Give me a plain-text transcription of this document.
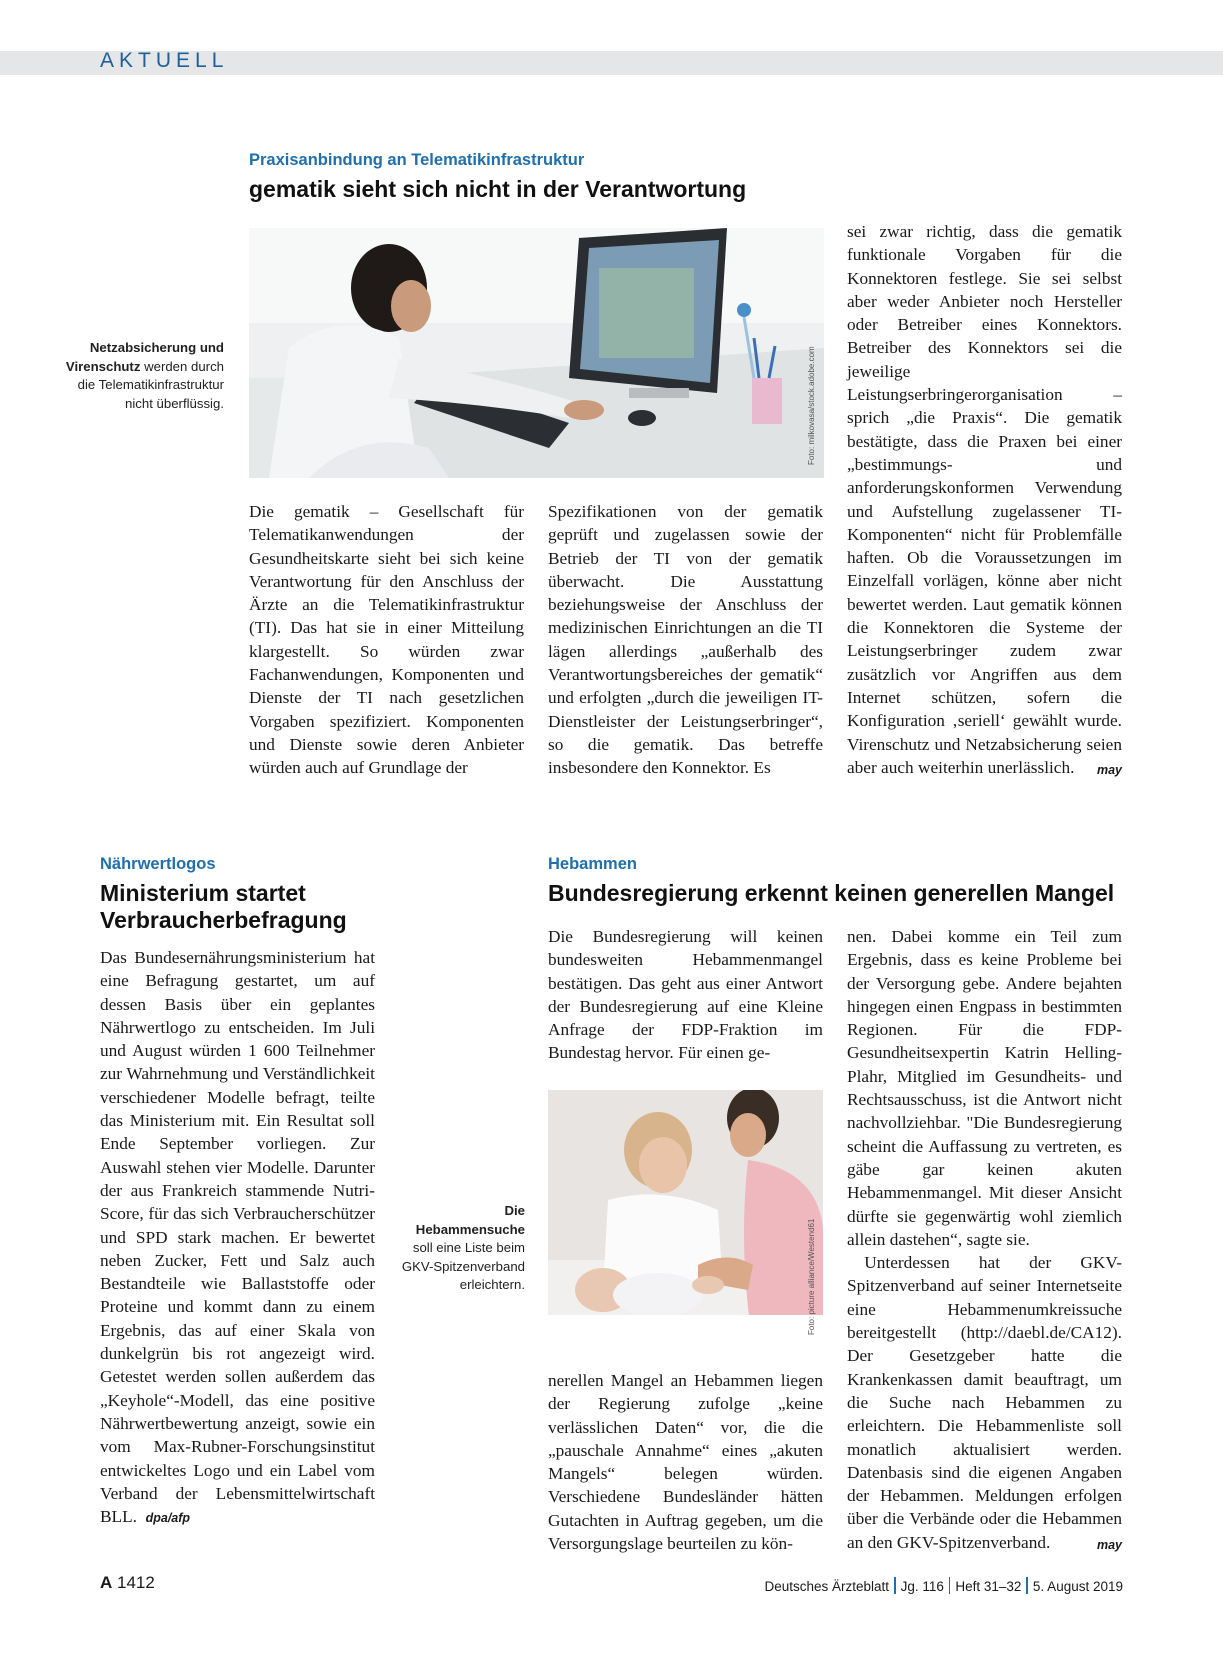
AKTUELL
Praxisanbindung an Telematikinfrastruktur
gematik sieht sich nicht in der Verantwortung
Netzabsicherung und Virenschutz werden durch die Telematikinfrastruktur nicht überflüssig.	Foto: milkovasa/stock.adobe.com

Die gematik – Gesellschaft für Telematikanwendungen der Gesundheitskarte sieht bei sich keine Verantwortung für den Anschluss der Ärzte an die Telematikinfrastruktur (TI). Das hat sie in einer Mitteilung klargestellt. So würden zwar Fachanwendungen, Komponenten und Dienste der TI nach gesetzlichen Vorgaben spezifiziert. Komponenten und Dienste sowie deren Anbieter würden auch auf Grundlage der

Spezifikationen von der gematik geprüft und zugelassen sowie der Betrieb der TI von der gematik überwacht. Die Ausstattung beziehungsweise der Anschluss der medizinischen Einrichtungen an die TI lägen allerdings „außerhalb des Verantwortungsbereiches der gematik“ und erfolgten „durch die jeweiligen IT-Dienstleister der Leistungserbringer“, so die gematik. Das betreffe insbesondere den Konnektor. Es

sei zwar richtig, dass die gematik funktionale Vorgaben für die Konnektoren festlege. Sie sei selbst aber weder Anbieter noch Hersteller oder Betreiber eines Konnektors. Betreiber des Konnektors sei die jeweilige Leistungserbringerorganisation – sprich „die Praxis“. Die gematik bestätigte, dass die Praxen bei einer „bestimmungs- und anforderungskonformen Verwendung und Aufstellung zugelassener TI-Komponenten“ nicht für Problemfälle haften. Ob die Voraussetzungen im Einzelfall vorlägen, könne aber nicht bewertet werden. Laut gematik können die Konnektoren die Systeme der Leistungserbringer zudem zwar zusätzlich vor Angriffen aus dem Internet schützen, sofern die Konfiguration ‚seriell‘ gewählt wurde. Virenschutz und Netzabsicherung seien aber auch weiterhin unerlässlich. may

Nährwertlogos
Ministerium startet Verbraucherbefragung

Das Bundesernährungsministerium hat eine Befragung gestartet, um auf dessen Basis über ein geplantes Nährwertlogo zu entscheiden. Im Juli und August würden 1 600 Teilnehmer zur Wahrnehmung und Verständlichkeit verschiedener Modelle befragt, teilte das Ministerium mit. Ein Resultat soll Ende September vorliegen. Zur Auswahl stehen vier Modelle. Darunter der aus Frankreich stammende Nutri-Score, für das sich Verbraucherschützer und SPD stark machen. Er bewertet neben Zucker, Fett und Salz auch Bestandteile wie Ballaststoffe oder Proteine und kommt dann zu einem Ergebnis, das auf einer Skala von dunkelgrün bis rot angezeigt wird. Getestet werden sollen außerdem das „Keyhole“-Modell, das eine positive Nährwertbewertung anzeigt, sowie ein vom Max-Rubner-Forschungsinstitut entwickeltes Logo und ein Label vom Verband der Lebensmittelwirtschaft BLL. dpa/afp

Hebammen
Bundesregierung erkennt keinen generellen Mangel

Die Bundesregierung will keinen bundesweiten Hebammenmangel bestätigen. Das geht aus einer Antwort der Bundesregierung auf eine Kleine Anfrage der FDP-Fraktion im Bundestag hervor. Für einen ge-

Die Hebammensuche soll eine Liste beim GKV-Spitzenverband erleichtern.	Foto: picture alliance/Westend61

nerellen Mangel an Hebammen liegen der Regierung zufolge „keine verlässlichen Daten“ vor, die die „pauschale Annahme“ eines „akuten Mangels“ belegen würden. Verschiedene Bundesländer hätten Gutachten in Auftrag gegeben, um die Versorgungslage beurteilen zu kön-

nen. Dabei komme ein Teil zum Ergebnis, dass es keine Probleme bei der Versorgung gebe. Andere bejahten hingegen einen Engpass in bestimmten Regionen. Für die FDP-Gesundheitsexpertin Katrin Helling-Plahr, Mitglied im Gesundheits- und Rechtsausschuss, ist die Antwort nicht nachvollziehbar. "Die Bundesregierung scheint die Auffassung zu vertreten, es gäbe gar keinen akuten Hebammenmangel. Mit dieser Ansicht dürfte sie gegenwärtig wohl ziemlich allein dastehen“, sagte sie.

Unterdessen hat der GKV-Spitzenverband auf seiner Internetseite eine Hebammenumkreissuche bereitgestellt (http://daebl.de/CA12). Der Gesetzgeber hatte die Krankenkassen damit beauftragt, um die Suche nach Hebammen zu erleichtern. Die Hebammenliste soll monatlich aktualisiert werden. Datenbasis sind die eigenen Angaben der Hebammen. Meldungen erfolgen über die Verbände oder die Hebammen an den GKV-Spitzenverband.	may

A 1412	Deutsches Ärzteblatt Jg. 116 Heft 31–32 5. August 2019
